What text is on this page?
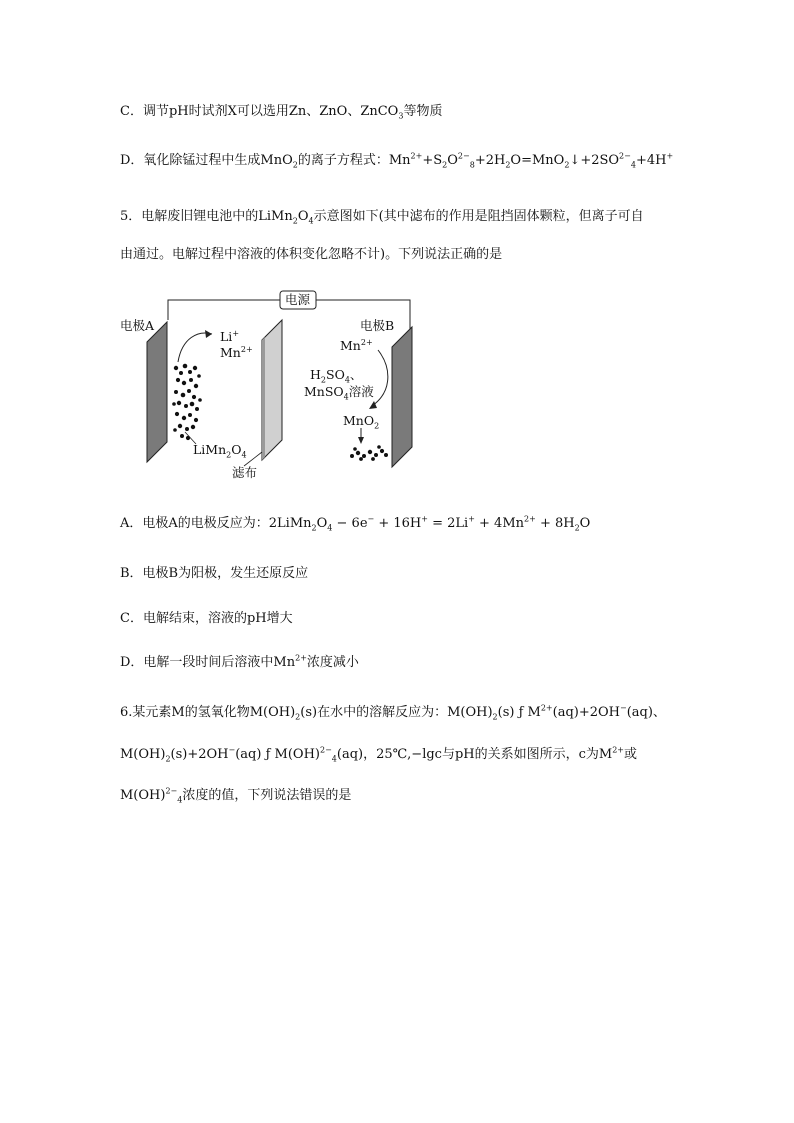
C．调节pH时试剂X可以选用Zn、ZnO、ZnCO$_3$等物质
D．氧化除锰过程中生成MnO$_2$的离子方程式：$Mn^{2+}+S_2O^{2-}_8+2H_2O=MnO_2↓+2SO^{2-}_4+4H^+$
5．电解废旧锂电池中的$LiMn_2O_4$示意图如下(其中滤布的作用是阻挡固体颗粒，但离子可自
由通过。电解过程中溶液的体积变化忽略不计)。下列说法正确的是
电源
电极A	电极B
Li+
$Mn^{2+}$	$Mn^{2+}$
$H_2SO_4$、
MnSO$_4$溶液
MnO$_2$
$LiMn_2O_4$
滤布
A．电极A的电极反应为：$2LiMn_2O_4 - 6e^- + 16H^+ = 2Li^+ + 4Mn^{2+} + 8H_2O$
B．电极B为阳极，发生还原反应
C．电解结束，溶液的pH增大
D．电解一段时间后溶液中$Mn^{2+}$浓度减小
6.某元素M的氢氧化物$M(OH)_2(s)$在水中的溶解反应为：$M(OH)_2(s)$ ƒ $M^{2+}(aq)+2OH^-(aq)$、
$M(OH)_2(s)+2OH^-(aq)$ ƒ M(OH)$^{2-}_4$(aq)，25℃,−lgc与pH的关系如图所示，c为$M^{2+}$或
M(OH)$^{2-}_4$浓度的值，下列说法错误的是
